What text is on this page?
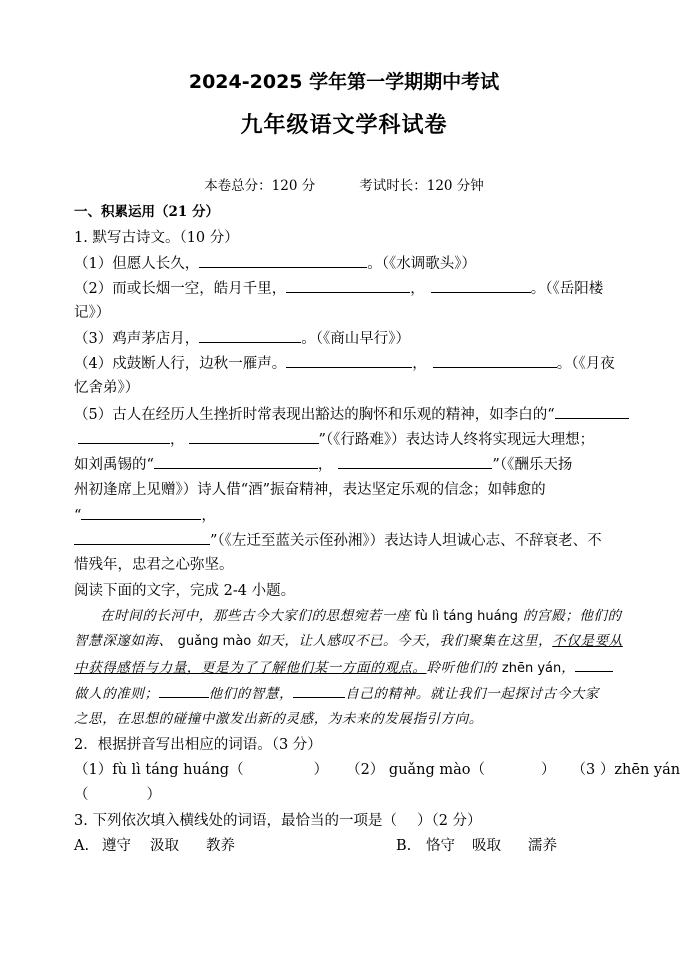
2024-2025 学年第一学期期中考试
九年级语文学科试卷
本卷总分：120 分	考试时长：120 分钟
一、积累运用（21 分）
1. 默写古诗文。（10 分）
（1）但愿人长久，	。（《水调歌头》）
（2）而或长烟一空，皓月千里，	，	。（《岳阳楼
记》）
（3）鸡声茅店月，	。（《商山早行》）
（4）戍鼓断人行，边秋一雁声。	，	。（《月夜
忆舍弟》）
（5）古人在经历人生挫折时常表现出豁达的胸怀和乐观的精神，如李白的“
，	”（《行路难》）表达诗人终将实现远大理想；
如刘禹锡的“	，	”（《酬乐天扬
州初逢席上见赠》）诗人借“酒”振奋精神，表达坚定乐观的信念；如韩愈的
“	，
”（《左迁至蓝关示侄孙湘》）表达诗人坦诚心志、不辞衰老、不
惜残年，忠君之心弥坚。
阅读下面的文字，完成 2-4 小题。
在时间的长河中，那些古今大家们的思想宛若一座 fù lì táng huáng 的宫殿；他们的
智慧深邃如海、 guǎng mào 如天，让人感叹不已。今天，我们聚集在这里，不仅是要从
中获得感悟与力量，更是为了了解他们某一方面的观点。聆听他们的 zhēn yán，
做人的准则；	他们的智慧，	自己的精神。就让我们一起探讨古今大家
之思，在思想的碰撞中激发出新的灵感，为未来的发展指引方向。
2．根据拼音写出相应的词语。（3 分）
（1）fù lì táng huáng（	） （2） guǎng mào（	） （3 ）zhēn yán
（	）
3. 下列依次填入横线处的词语，最恰当的一项是（ ）（2 分）
A. 遵守 汲取 教养	B. 恪守 吸取 濡养
